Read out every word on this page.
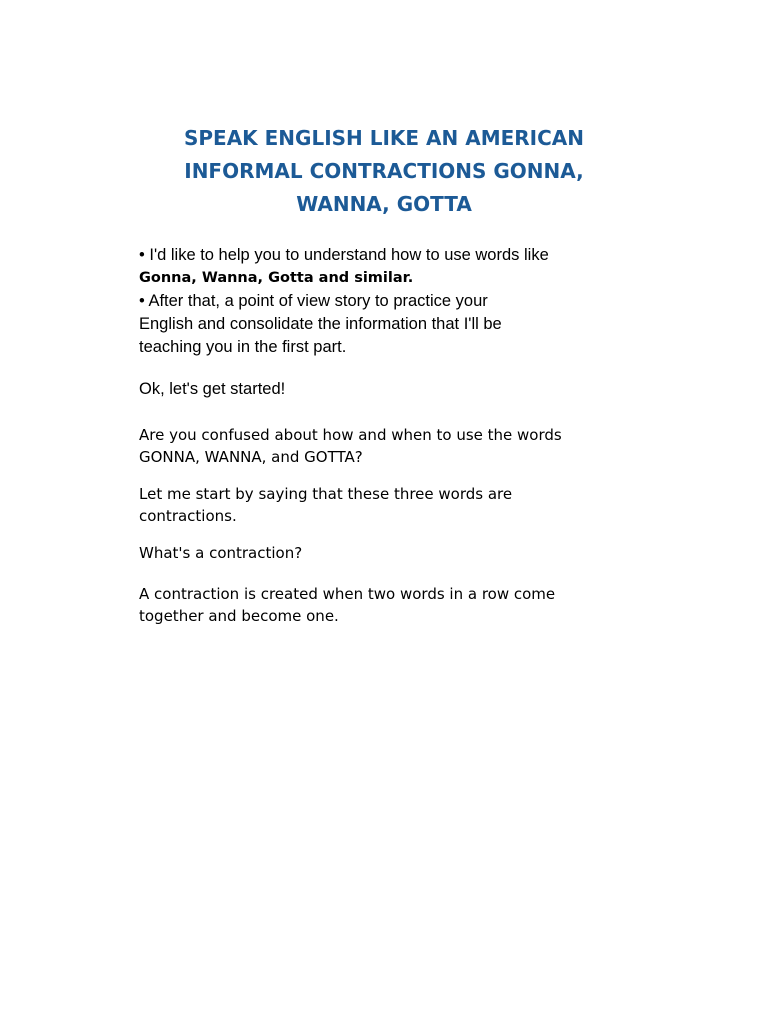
SPEAK ENGLISH LIKE AN AMERICAN
INFORMAL CONTRACTIONS GONNA,
WANNA, GOTTA
• I'd like to help you to understand how to use words like
Gonna, Wanna, Gotta and similar.
• After that, a point of view story to practice your
English and consolidate the information that I'll be
teaching you in the first part.
Ok, let's get started!
Are you confused about how and when to use the words
GONNA, WANNA, and GOTTA?
Let me start by saying that these three words are
contractions.
What's a contraction?
A contraction is created when two words in a row come
together and become one.
